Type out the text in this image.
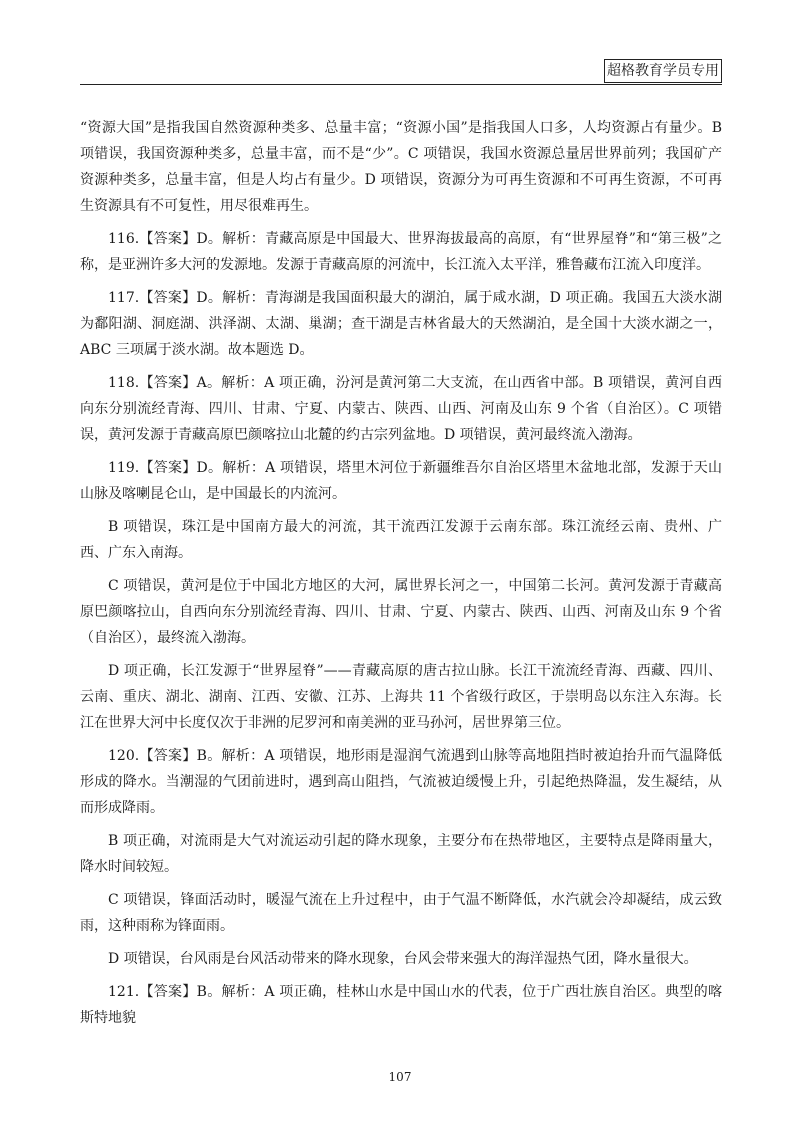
超格教育学员专用

“资源大国”是指我国自然资源种类多、总量丰富；“资源小国”是指我国人口多，人均资源占有量少。B 项错误，我国资源种类多，总量丰富，而不是“少”。C 项错误，我国水资源总量居世界前列；我国矿产资源种类多，总量丰富，但是人均占有量少。D 项错误，资源分为可再生资源和不可再生资源，不可再生资源具有不可复性，用尽很难再生。

116.【答案】D。解析：青藏高原是中国最大、世界海拔最高的高原，有“世界屋脊”和“第三极”之称，是亚洲许多大河的发源地。发源于青藏高原的河流中，长江流入太平洋，雅鲁藏布江流入印度洋。

117.【答案】D。解析：青海湖是我国面积最大的湖泊，属于咸水湖，D 项正确。我国五大淡水湖为鄱阳湖、洞庭湖、洪泽湖、太湖、巢湖；查干湖是吉林省最大的天然湖泊，是全国十大淡水湖之一，ABC 三项属于淡水湖。故本题选 D。

118.【答案】A。解析：A 项正确，汾河是黄河第二大支流，在山西省中部。B 项错误，黄河自西向东分别流经青海、四川、甘肃、宁夏、内蒙古、陕西、山西、河南及山东 9 个省（自治区）。C 项错误，黄河发源于青藏高原巴颜喀拉山北麓的约古宗列盆地。D 项错误，黄河最终流入渤海。

119.【答案】D。解析：A 项错误，塔里木河位于新疆维吾尔自治区塔里木盆地北部，发源于天山山脉及喀喇昆仑山，是中国最长的内流河。

B 项错误，珠江是中国南方最大的河流，其干流西江发源于云南东部。珠江流经云南、贵州、广西、广东入南海。

C 项错误，黄河是位于中国北方地区的大河，属世界长河之一，中国第二长河。黄河发源于青藏高原巴颜喀拉山，自西向东分别流经青海、四川、甘肃、宁夏、内蒙古、陕西、山西、河南及山东 9 个省（自治区），最终流入渤海。

D 项正确，长江发源于“世界屋脊”——青藏高原的唐古拉山脉。长江干流流经青海、西藏、四川、云南、重庆、湖北、湖南、江西、安徽、江苏、上海共 11 个省级行政区，于崇明岛以东注入东海。长江在世界大河中长度仅次于非洲的尼罗河和南美洲的亚马孙河，居世界第三位。

120.【答案】B。解析：A 项错误，地形雨是湿润气流遇到山脉等高地阻挡时被迫抬升而气温降低形成的降水。当潮湿的气团前进时，遇到高山阻挡，气流被迫缓慢上升，引起绝热降温，发生凝结，从而形成降雨。

B 项正确，对流雨是大气对流运动引起的降水现象，主要分布在热带地区，主要特点是降雨量大，降水时间较短。

C 项错误，锋面活动时，暖湿气流在上升过程中，由于气温不断降低，水汽就会冷却凝结，成云致雨，这种雨称为锋面雨。

D 项错误，台风雨是台风活动带来的降水现象，台风会带来强大的海洋湿热气团，降水量很大。

121.【答案】B。解析：A 项正确，桂林山水是中国山水的代表，位于广西壮族自治区。典型的喀斯特地貌

107
